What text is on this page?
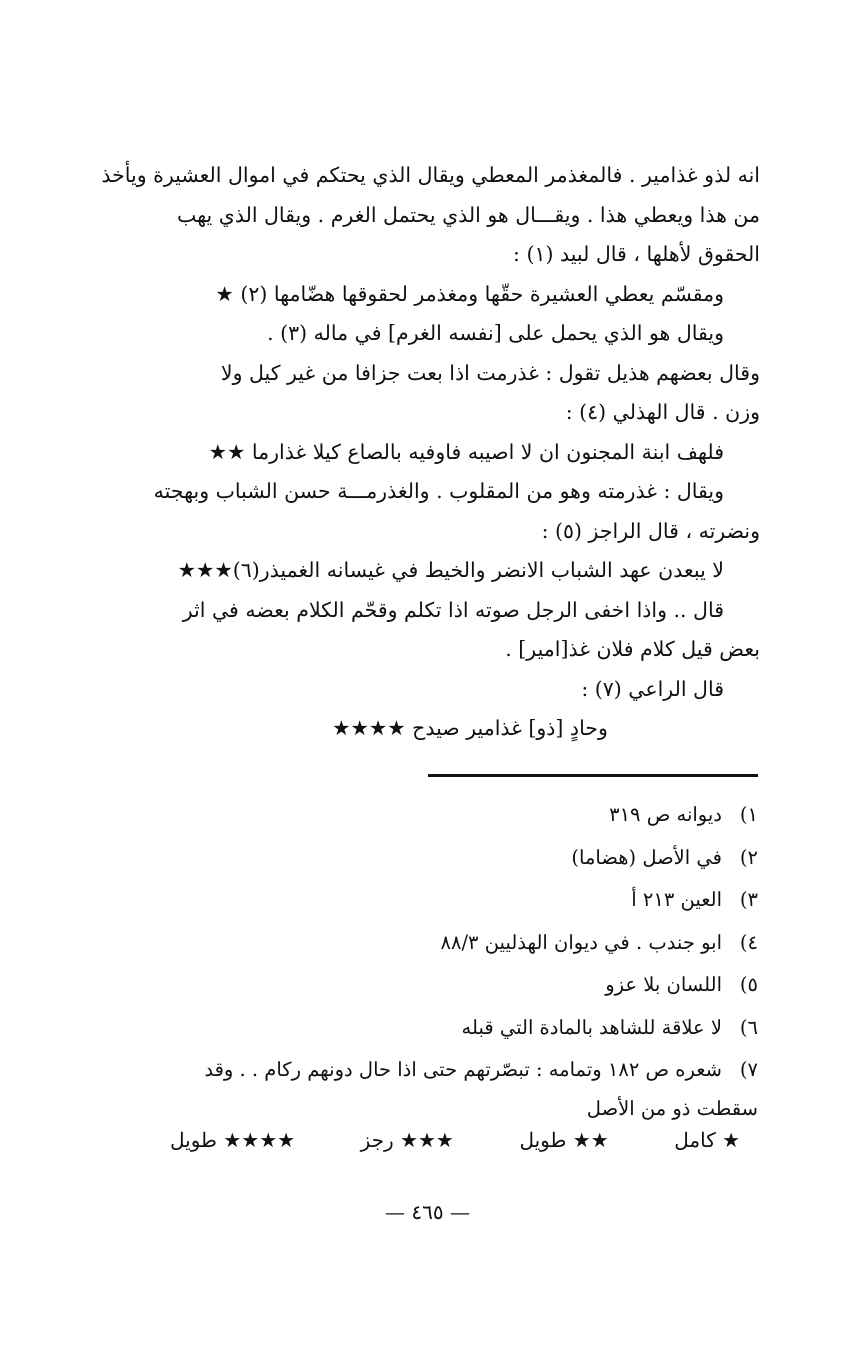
انه لذو غذامير . فالمغذمر المعطي ويقال الذي يحتكم في اموال العشيرة ويأخذ

من هذا ويعطي هذا . ويقـــال هو الذي يحتمل الغرم . ويقال الذي يهب

الحقوق لأهلها ، قال لبيد (١) :

ومقسّم يعطي العشيرة حقّها ومغذمر لحقوقها هضّامها (٢) ★

ويقال هو الذي يحمل على [نفسه الغرم] في ماله (٣) .

وقال بعضهم هذيل تقول : غذرمت اذا بعت جزافا من غير كيل ولا

وزن . قال الهذلي (٤) :

فلهف ابنة المجنون ان لا اصيبه فاوفيه بالصاع كيلا غذارما ★★

ويقال : غذرمته وهو من المقلوب . والغذرمـــة حسن الشباب وبهجته

ونضرته ، قال الراجز (٥) :

لا يبعدن عهد الشباب الانضر والخيط في غيسانه الغميذر(٦)★★★

قال .. واذا اخفى الرجل صوته اذا تكلم وقحّم الكلام بعضه في اثر

بعض قيل كلام فلان غذ[امير] .

قال الراعي (٧) :

وحادٍ [ذو] غذامير صيدح ★★★★

١)ديوانه ص ٣١٩

٢)في الأصل (هضاما)

٣)العين ٢١٣ أ

٤)ابو جندب . في ديوان الهذليين ٨٨/٣

٥)اللسان بلا عزو

٦)لا علاقة للشاهد بالمادة التي قبله

٧)شعره ص ١٨٢ وتمامه : تبصّرتهم حتى اذا حال دونهم ركام . . وقد

سقطت ذو من الأصل

★ كامل
★★ طويل
★★★ رجز
★★★★ طويل
— ٤٦٥ —
